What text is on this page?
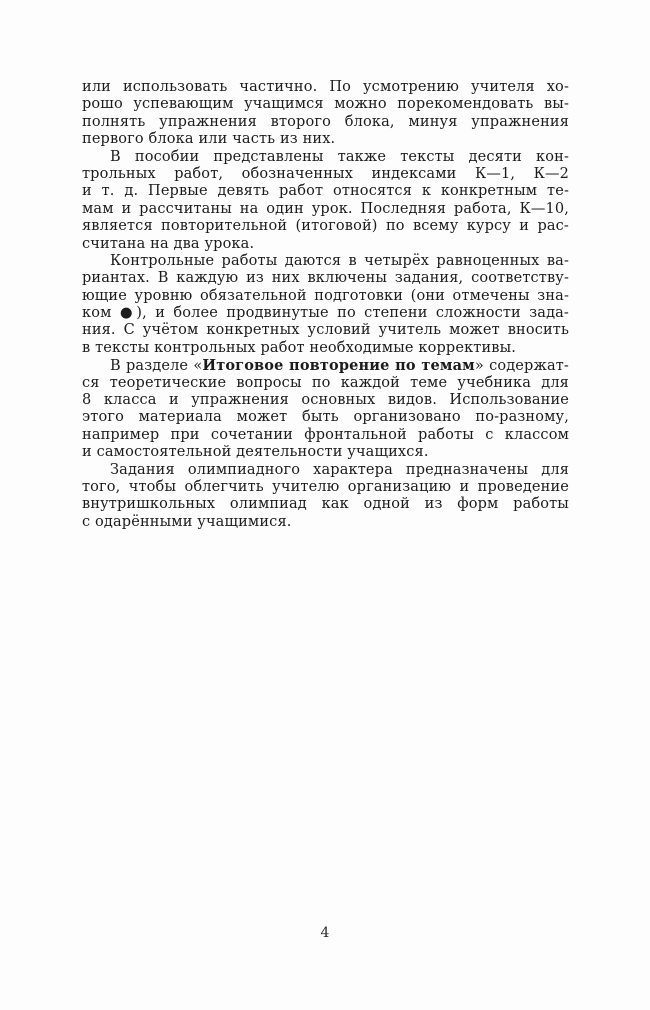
или использовать частично. По усмотрению учителя хо-
рошо успевающим учащимся можно порекомендовать вы-
полнять упражнения второго блока, минуя упражнения
первого блока или часть из них.
В пособии представлены также тексты десяти кон-
трольных работ, обозначенных индексами К—1, К—2
и т. д. Первые девять работ относятся к конкретным те-
мам и рассчитаны на один урок. Последняя работа, К—10,
является повторительной (итоговой) по всему курсу и рас-
считана на два урока.
Контрольные работы даются в четырёх равноценных ва-
риантах. В каждую из них включены задания, соответству-
ющие уровню обязательной подготовки (они отмечены зна-
ком ●), и более продвинутые по степени сложности зада-
ния. С учётом конкретных условий учитель может вносить
в тексты контрольных работ необходимые коррективы.
В разделе «Итоговое повторение по темам» содержат-
ся теоретические вопросы по каждой теме учебника для
8 класса и упражнения основных видов. Использование
этого материала может быть организовано по-разному,
например при сочетании фронтальной работы с классом
и самостоятельной деятельности учащихся.
Задания олимпиадного характера предназначены для
того, чтобы облегчить учителю организацию и проведение
внутришкольных олимпиад как одной из форм работы
с одарёнными учащимися.
4
